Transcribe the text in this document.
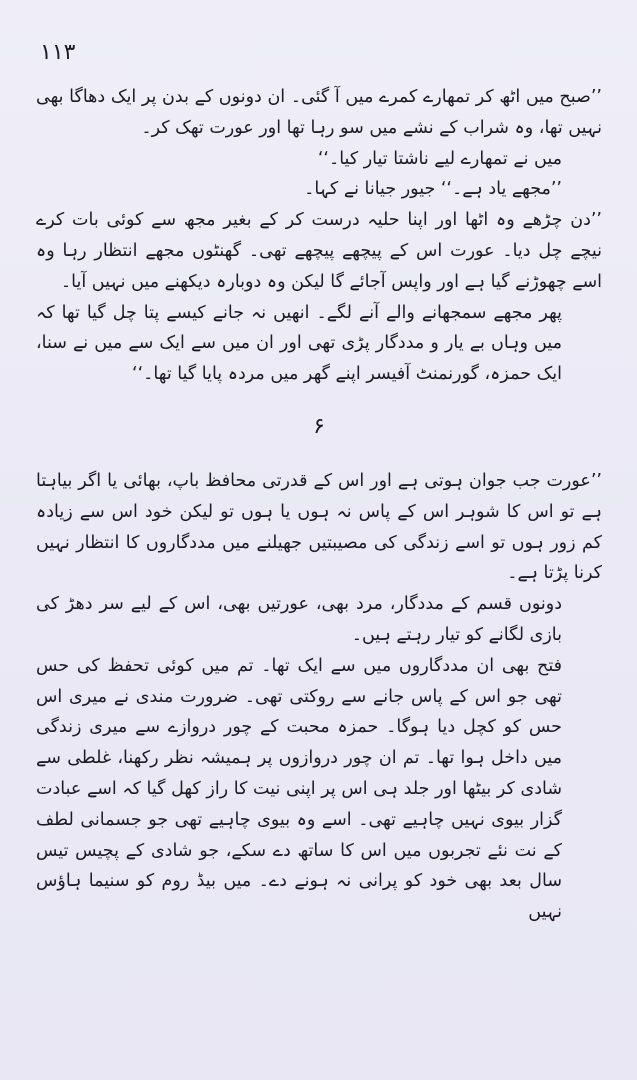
۱۱۳

’’صبح میں اٹھ کر تمھارے کمرے میں آ گئی۔ ان دونوں کے بدن پر ایک دھاگا بھی نہیں تھا، وہ شراب کے نشے میں سو رہا تھا اور عورت تھک کر۔

میں نے تمھارے لیے ناشتا تیار کیا۔‘‘

’’مجھے یاد ہے۔‘‘ جیور جیانا نے کہا۔

’’دن چڑھے وہ اٹھا اور اپنا حلیہ درست کر کے بغیر مجھ سے کوئی بات کرے نیچے چل دیا۔ عورت اس کے پیچھے پیچھے تھی۔ گھنٹوں مجھے انتظار رہا وہ اسے چھوڑنے گیا ہے اور واپس آجائے گا لیکن وہ دوبارہ دیکھنے میں نہیں آیا۔

پھر مجھے سمجھانے والے آنے لگے۔ انھیں نہ جانے کیسے پتا چل گیا تھا کہ میں وہاں بے یار و مددگار پڑی تھی اور ان میں سے ایک سے میں نے سنا، ایک حمزہ، گورنمنٹ آفیسر اپنے گھر میں مردہ پایا گیا تھا۔‘‘

۶

’’عورت جب جوان ہوتی ہے اور اس کے قدرتی محافظ باپ، بھائی یا اگر بیاہتا ہے تو اس کا شوہر اس کے پاس نہ ہوں یا ہوں تو لیکن خود اس سے زیادہ کم زور ہوں تو اسے زندگی کی مصیبتیں جھیلنے میں مددگاروں کا انتظار نہیں کرنا پڑتا ہے۔

دونوں قسم کے مددگار، مرد بھی، عورتیں بھی، اس کے لیے سر دھڑ کی بازی لگانے کو تیار رہتے ہیں۔

فتح بھی ان مددگاروں میں سے ایک تھا۔ تم میں کوئی تحفظ کی حس تھی جو اس کے پاس جانے سے روکتی تھی۔ ضرورت مندی نے میری اس حس کو کچل دیا ہوگا۔ حمزہ محبت کے چور دروازے سے میری زندگی میں داخل ہوا تھا۔ تم ان چور دروازوں پر ہمیشہ نظر رکھنا، غلطی سے شادی کر بیٹھا اور جلد ہی اس پر اپنی نیت کا راز کھل گیا کہ اسے عبادت گزار بیوی نہیں چاہیے تھی۔ اسے وہ بیوی چاہیے تھی جو جسمانی لطف کے نت نئے تجربوں میں اس کا ساتھ دے سکے، جو شادی کے پچیس تیس سال بعد بھی خود کو پرانی نہ ہونے دے۔ میں بیڈ روم کو سنیما ہاؤس نہیں
